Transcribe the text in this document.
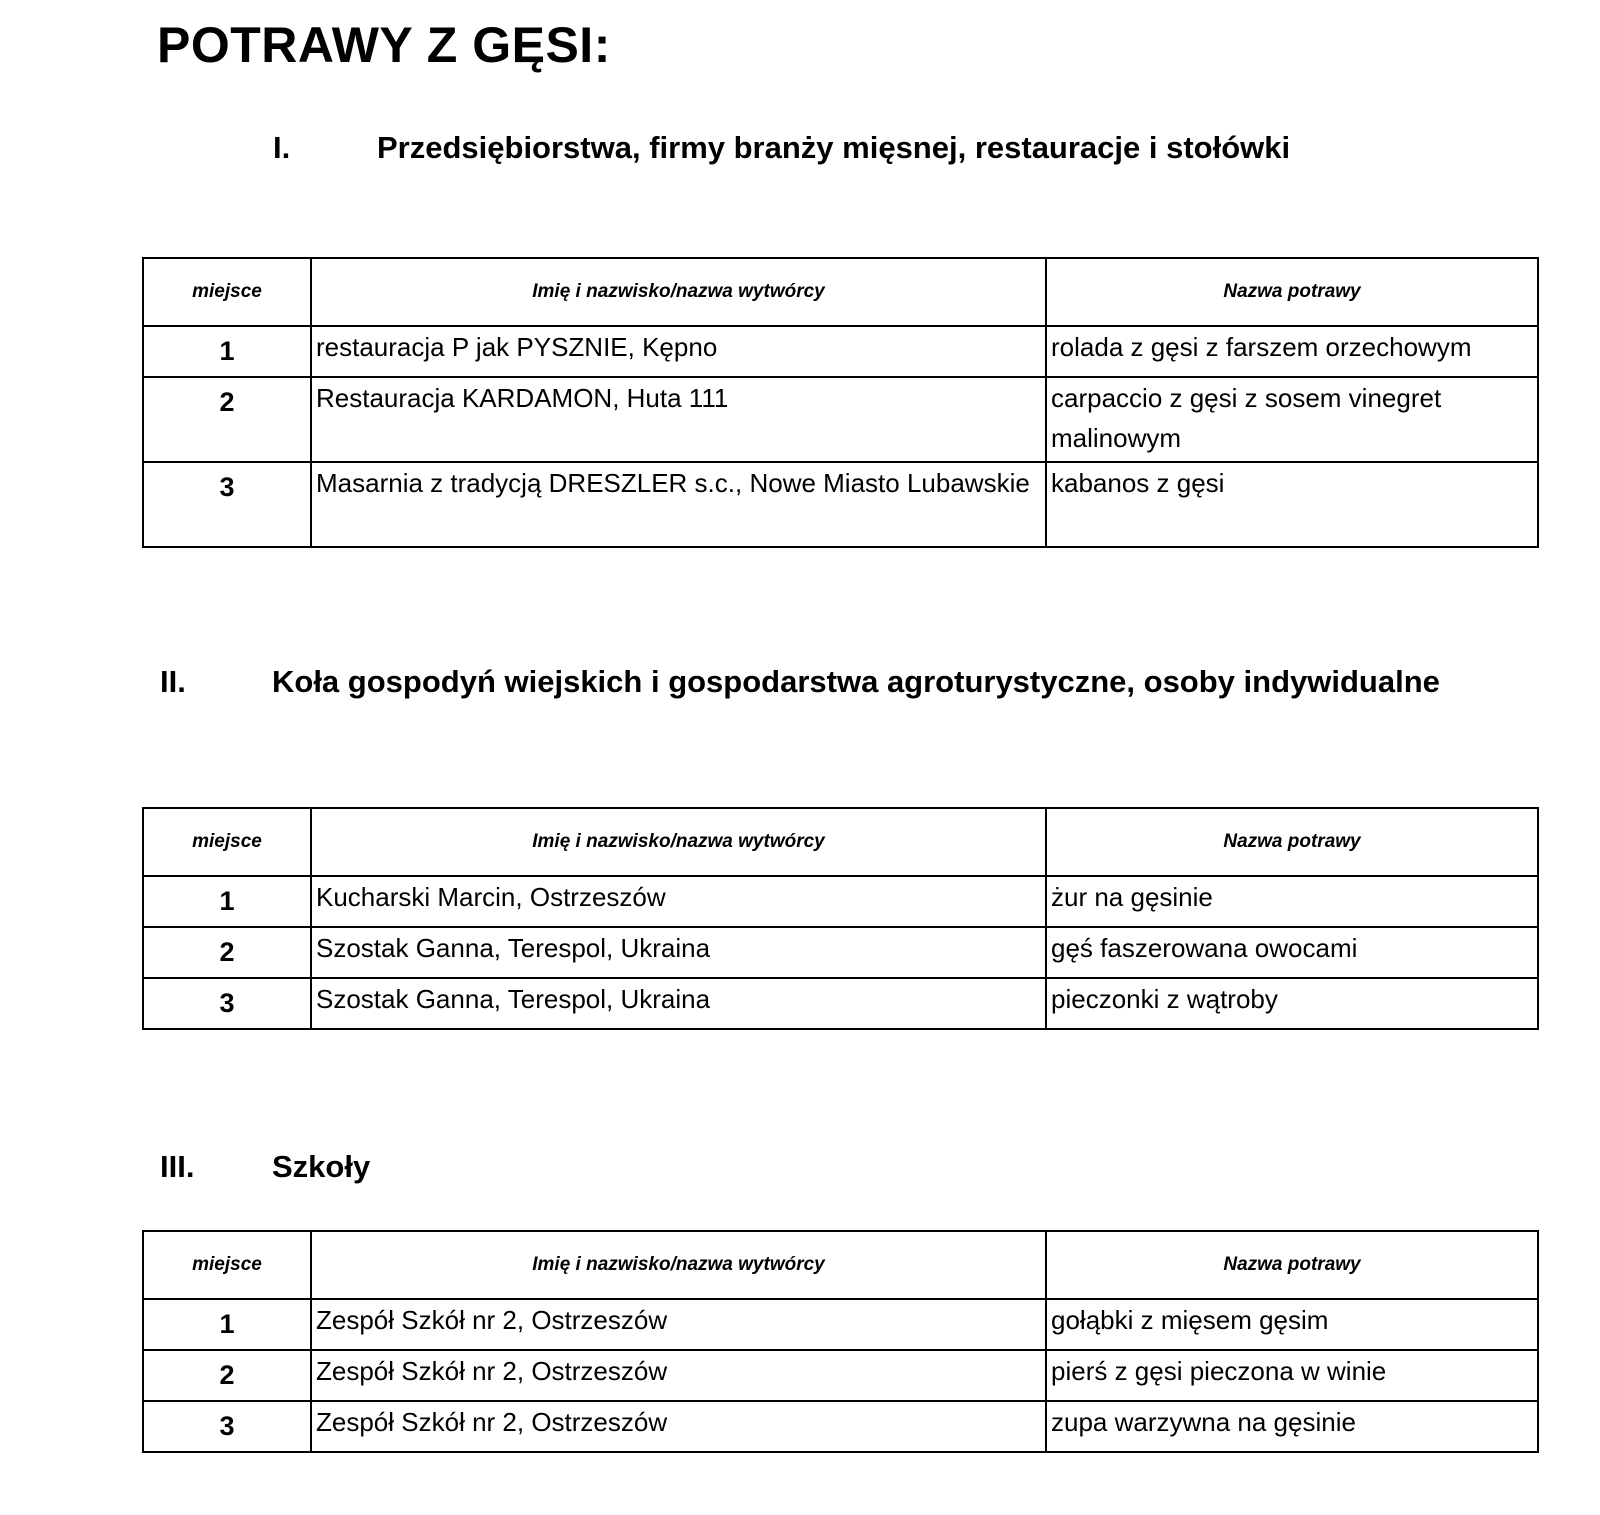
POTRAWY Z GĘSI:
I.	Przedsiębiorstwa, firmy branży mięsnej, restauracje i stołówki
miejsce	Imię i nazwisko/nazwa wytwórcy	Nazwa potrawy
1	restauracja P jak PYSZNIE, Kępno	rolada z gęsi z farszem orzechowym
2	Restauracja KARDAMON, Huta 111	carpaccio z gęsi z sosem vinegret malinowym
3	Masarnia z tradycją DRESZLER s.c., Nowe Miasto Lubawskie	kabanos z gęsi
II.	Koła gospodyń wiejskich i gospodarstwa agroturystyczne, osoby indywidualne
miejsce	Imię i nazwisko/nazwa wytwórcy	Nazwa potrawy
1	Kucharski Marcin, Ostrzeszów	żur na gęsinie
2	Szostak Ganna, Terespol, Ukraina	gęś faszerowana owocami
3	Szostak Ganna, Terespol, Ukraina	pieczonki z wątroby
III.	Szkoły
miejsce	Imię i nazwisko/nazwa wytwórcy	Nazwa potrawy
1	Zespół Szkół nr 2, Ostrzeszów	gołąbki z mięsem gęsim
2	Zespół Szkół nr 2, Ostrzeszów	pierś z gęsi pieczona w winie
3	Zespół Szkół nr 2, Ostrzeszów	zupa warzywna na gęsinie
